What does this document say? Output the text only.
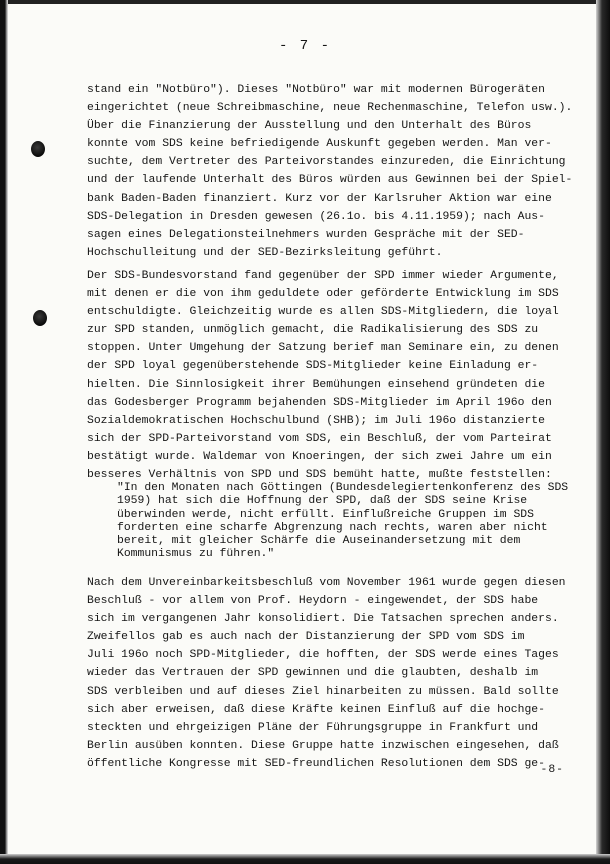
- 7 -
stand ein "Notbüro"). Dieses "Notbüro" war mit modernen Bürogeräten
eingerichtet (neue Schreibmaschine, neue Rechenmaschine, Telefon usw.).
Über die Finanzierung der Ausstellung und den Unterhalt des Büros
konnte vom SDS keine befriedigende Auskunft gegeben werden. Man ver-
suchte, dem Vertreter des Parteivorstandes einzureden, die Einrichtung
und der laufende Unterhalt des Büros würden aus Gewinnen bei der Spiel-
bank Baden-Baden finanziert. Kurz vor der Karlsruher Aktion war eine
SDS-Delegation in Dresden gewesen (26.1o. bis 4.11.1959); nach Aus-
sagen eines Delegationsteilnehmers wurden Gespräche mit der SED-
Hochschulleitung und der SED-Bezirksleitung geführt.
Der SDS-Bundesvorstand fand gegenüber der SPD immer wieder Argumente,
mit denen er die von ihm geduldete oder geförderte Entwicklung im SDS
entschuldigte. Gleichzeitig wurde es allen SDS-Mitgliedern, die loyal
zur SPD standen, unmöglich gemacht, die Radikalisierung des SDS zu
stoppen. Unter Umgehung der Satzung berief man Seminare ein, zu denen
der SPD loyal gegenüberstehende SDS-Mitglieder keine Einladung er-
hielten. Die Sinnlosigkeit ihrer Bemühungen einsehend gründeten die
das Godesberger Programm bejahenden SDS-Mitglieder im April 196o den
Sozialdemokratischen Hochschulbund (SHB); im Juli 196o distanzierte
sich der SPD-Parteivorstand vom SDS, ein Beschluß, der vom Parteirat
bestätigt wurde. Waldemar von Knoeringen, der sich zwei Jahre um ein
besseres Verhältnis von SPD und SDS bemüht hatte, mußte feststellen:
"In den Monaten nach Göttingen (Bundesdelegiertenkonferenz des SDS
1959) hat sich die Hoffnung der SPD, daß der SDS seine Krise
überwinden werde, nicht erfüllt. Einflußreiche Gruppen im SDS
forderten eine scharfe Abgrenzung nach rechts, waren aber nicht
bereit, mit gleicher Schärfe die Auseinandersetzung mit dem
Kommunismus zu führen."
Nach dem Unvereinbarkeitsbeschluß vom November 1961 wurde gegen diesen
Beschluß - vor allem von Prof. Heydorn - eingewendet, der SDS habe
sich im vergangenen Jahr konsolidiert. Die Tatsachen sprechen anders.
Zweifellos gab es auch nach der Distanzierung der SPD vom SDS im
Juli 196o noch SPD-Mitglieder, die hofften, der SDS werde eines Tages
wieder das Vertrauen der SPD gewinnen und die glaubten, deshalb im
SDS verbleiben und auf dieses Ziel hinarbeiten zu müssen. Bald sollte
sich aber erweisen, daß diese Kräfte keinen Einfluß auf die hochge-
steckten und ehrgeizigen Pläne der Führungsgruppe in Frankfurt und
Berlin ausüben konnten. Diese Gruppe hatte inzwischen eingesehen, daß
öffentliche Kongresse mit SED-freundlichen Resolutionen dem SDS ge-
-8-
